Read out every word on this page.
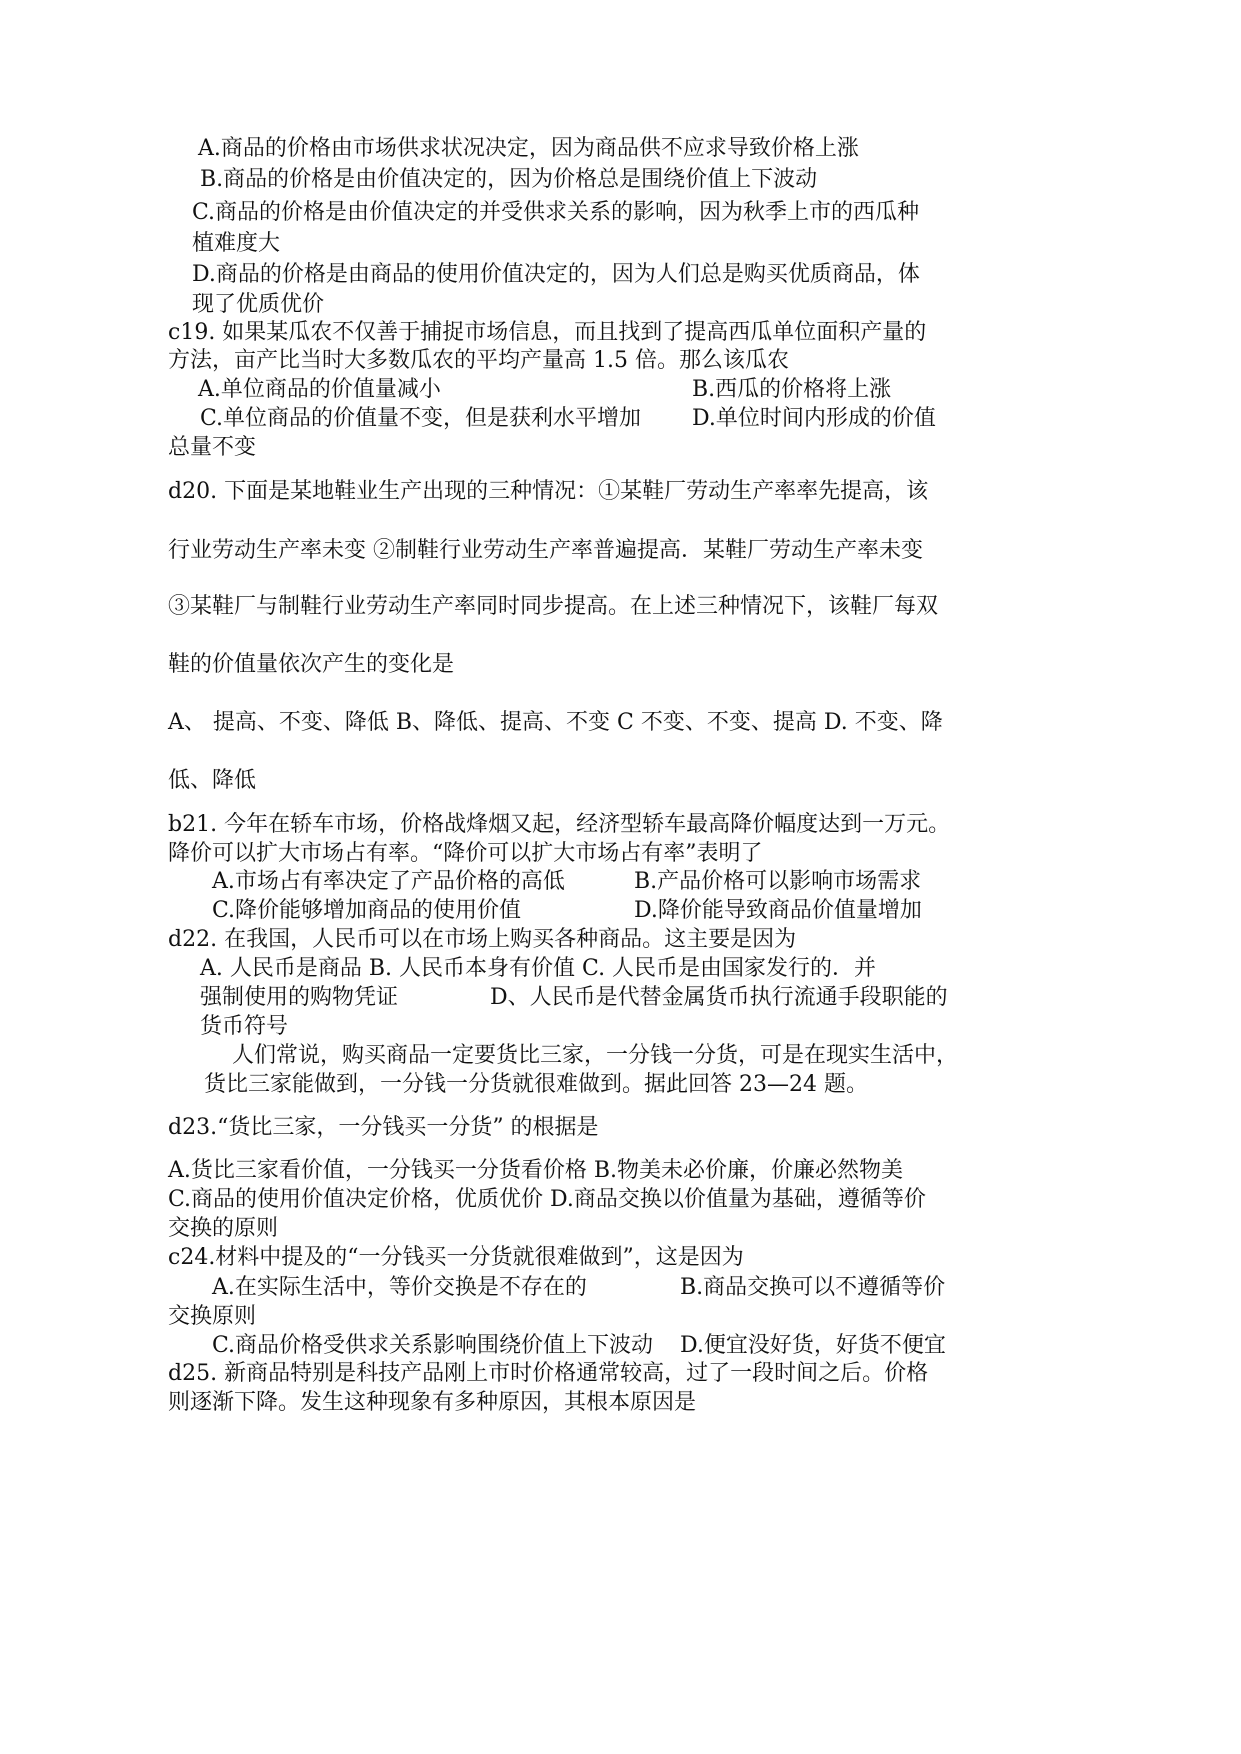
A.商品的价格由市场供求状况决定，因为商品供不应求导致价格上涨
B.商品的价格是由价值决定的，因为价格总是围绕价值上下波动
C.商品的价格是由价值决定的并受供求关系的影响，因为秋季上市的西瓜种
植难度大
D.商品的价格是由商品的使用价值决定的，因为人们总是购买优质商品，体
现了优质优价
c19. 如果某瓜农不仅善于捕捉市场信息，而且找到了提高西瓜单位面积产量的
方法，亩产比当时大多数瓜农的平均产量高 1.5 倍。那么该瓜农
A.单位商品的价值量减小	B.西瓜的价格将上涨
C.单位商品的价值量不变，但是获利水平增加 D.单位时间内形成的价值
总量不变
d20. 下面是某地鞋业生产出现的三种情况：①某鞋厂劳动生产率率先提高，该
行业劳动生产率未变 ②制鞋行业劳动生产率普遍提高．某鞋厂劳动生产率未变
③某鞋厂与制鞋行业劳动生产率同时同步提高。在上述三种情况下，该鞋厂每双
鞋的价值量依次产生的变化是
A、 提高、不变、降低 B、降低、提高、不变 C 不变、不变、提高 D. 不变、降
低、降低
b21. 今年在轿车市场，价格战烽烟又起，经济型轿车最高降价幅度达到一万元。
降价可以扩大市场占有率。“降价可以扩大市场占有率”表明了
A.市场占有率决定了产品价格的高低	B.产品价格可以影响市场需求
C.降价能够增加商品的使用价值	D.降价能导致商品价值量增加
d22. 在我国，人民币可以在市场上购买各种商品。这主要是因为
A. 人民币是商品 B. 人民币本身有价值 C. 人民币是由国家发行的．并
强制使用的购物凭证	D、人民币是代替金属货币执行流通手段职能的
货币符号
人们常说，购买商品一定要货比三家，一分钱一分货，可是在现实生活中，
货比三家能做到，一分钱一分货就很难做到。据此回答 23—24 题。
d23.“货比三家，一分钱买一分货” 的根据是
A.货比三家看价值，一分钱买一分货看价格 B.物美未必价廉，价廉必然物美
C.商品的使用价值决定价格，优质优价 D.商品交换以价值量为基础，遵循等价
交换的原则
c24.材料中提及的“一分钱买一分货就很难做到”，这是因为
A.在实际生活中，等价交换是不存在的	B.商品交换可以不遵循等价
交换原则
C.商品价格受供求关系影响围绕价值上下波动 D.便宜没好货，好货不便宜
d25. 新商品特别是科技产品刚上市时价格通常较高，过了一段时间之后。价格
则逐渐下降。发生这种现象有多种原因，其根本原因是
